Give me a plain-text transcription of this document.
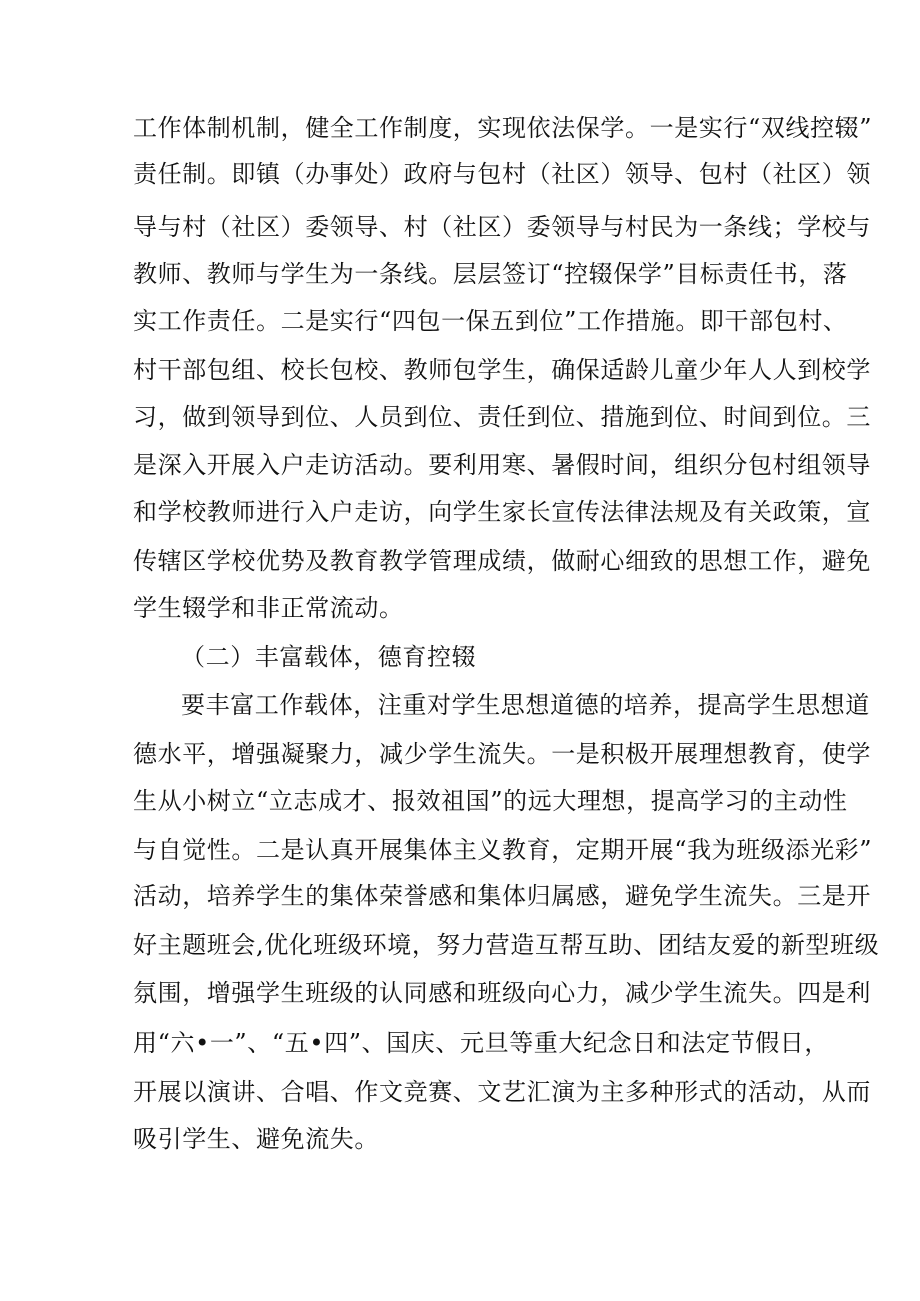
工作体制机制，健全工作制度，实现依法保学。一是实行“双线控辍”
责任制。即镇（办事处）政府与包村（社区）领导、包村（社区）领
导与村（社区）委领导、村（社区）委领导与村民为一条线；学校与
教师、教师与学生为一条线。层层签订“控辍保学”目标责任书，落
实工作责任。二是实行“四包一保五到位”工作措施。即干部包村、
村干部包组、校长包校、教师包学生，确保适龄儿童少年人人到校学
习，做到领导到位、人员到位、责任到位、措施到位、时间到位。三
是深入开展入户走访活动。要利用寒、暑假时间，组织分包村组领导
和学校教师进行入户走访，向学生家长宣传法律法规及有关政策，宣
传辖区学校优势及教育教学管理成绩，做耐心细致的思想工作，避免
学生辍学和非正常流动。
（二）丰富载体，德育控辍
要丰富工作载体，注重对学生思想道德的培养，提高学生思想道
德水平，增强凝聚力，减少学生流失。一是积极开展理想教育，使学
生从小树立“立志成才、报效祖国”的远大理想，提高学习的主动性
与自觉性。二是认真开展集体主义教育，定期开展“我为班级添光彩”
活动，培养学生的集体荣誉感和集体归属感，避免学生流失。三是开
好主题班会,优化班级环境，努力营造互帮互助、团结友爱的新型班级
氛围，增强学生班级的认同感和班级向心力，减少学生流失。四是利
用“六•一”、“五•四”、国庆、元旦等重大纪念日和法定节假日，
开展以演讲、合唱、作文竞赛、文艺汇演为主多种形式的活动，从而
吸引学生、避免流失。
